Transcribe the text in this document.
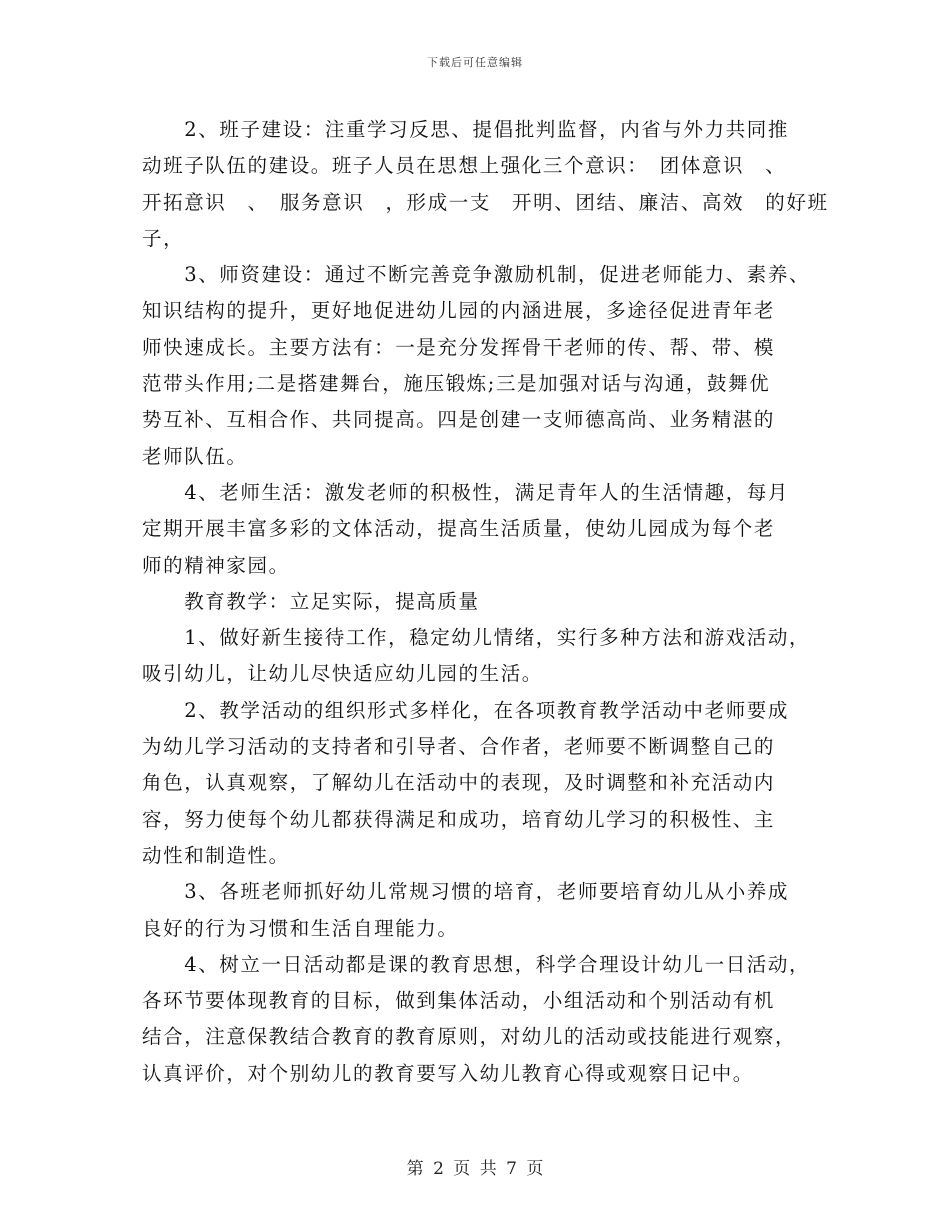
下载后可任意编辑
　　2、班子建设：注重学习反思、提倡批判监督，内省与外力共同推
动班子队伍的建设。班子人员在思想上强化三个意识：　团体意识　、
开拓意识　、　服务意识　，形成一支　开明、团结、廉洁、高效　的好班
子，
　　3、师资建设：通过不断完善竞争激励机制，促进老师能力、素养、
知识结构的提升，更好地促进幼儿园的内涵进展，多途径促进青年老
师快速成长。主要方法有：一是充分发挥骨干老师的传、帮、带、模
范带头作用;二是搭建舞台，施压锻炼;三是加强对话与沟通，鼓舞优
势互补、互相合作、共同提高。四是创建一支师德高尚、业务精湛的
老师队伍。
　　4、老师生活：激发老师的积极性，满足青年人的生活情趣，每月
定期开展丰富多彩的文体活动，提高生活质量，使幼儿园成为每个老
师的精神家园。
　　教育教学：立足实际，提高质量
　　1、做好新生接待工作，稳定幼儿情绪，实行多种方法和游戏活动，
吸引幼儿，让幼儿尽快适应幼儿园的生活。
　　2、教学活动的组织形式多样化，在各项教育教学活动中老师要成
为幼儿学习活动的支持者和引导者、合作者，老师要不断调整自己的
角色，认真观察，了解幼儿在活动中的表现，及时调整和补充活动内
容，努力使每个幼儿都获得满足和成功，培育幼儿学习的积极性、主
动性和制造性。
　　3、各班老师抓好幼儿常规习惯的培育，老师要培育幼儿从小养成
良好的行为习惯和生活自理能力。
　　4、树立一日活动都是课的教育思想，科学合理设计幼儿一日活动，
各环节要体现教育的目标，做到集体活动，小组活动和个别活动有机
结合，注意保教结合教育的教育原则，对幼儿的活动或技能进行观察，
认真评价，对个别幼儿的教育要写入幼儿教育心得或观察日记中。
第 2 页 共 7 页
